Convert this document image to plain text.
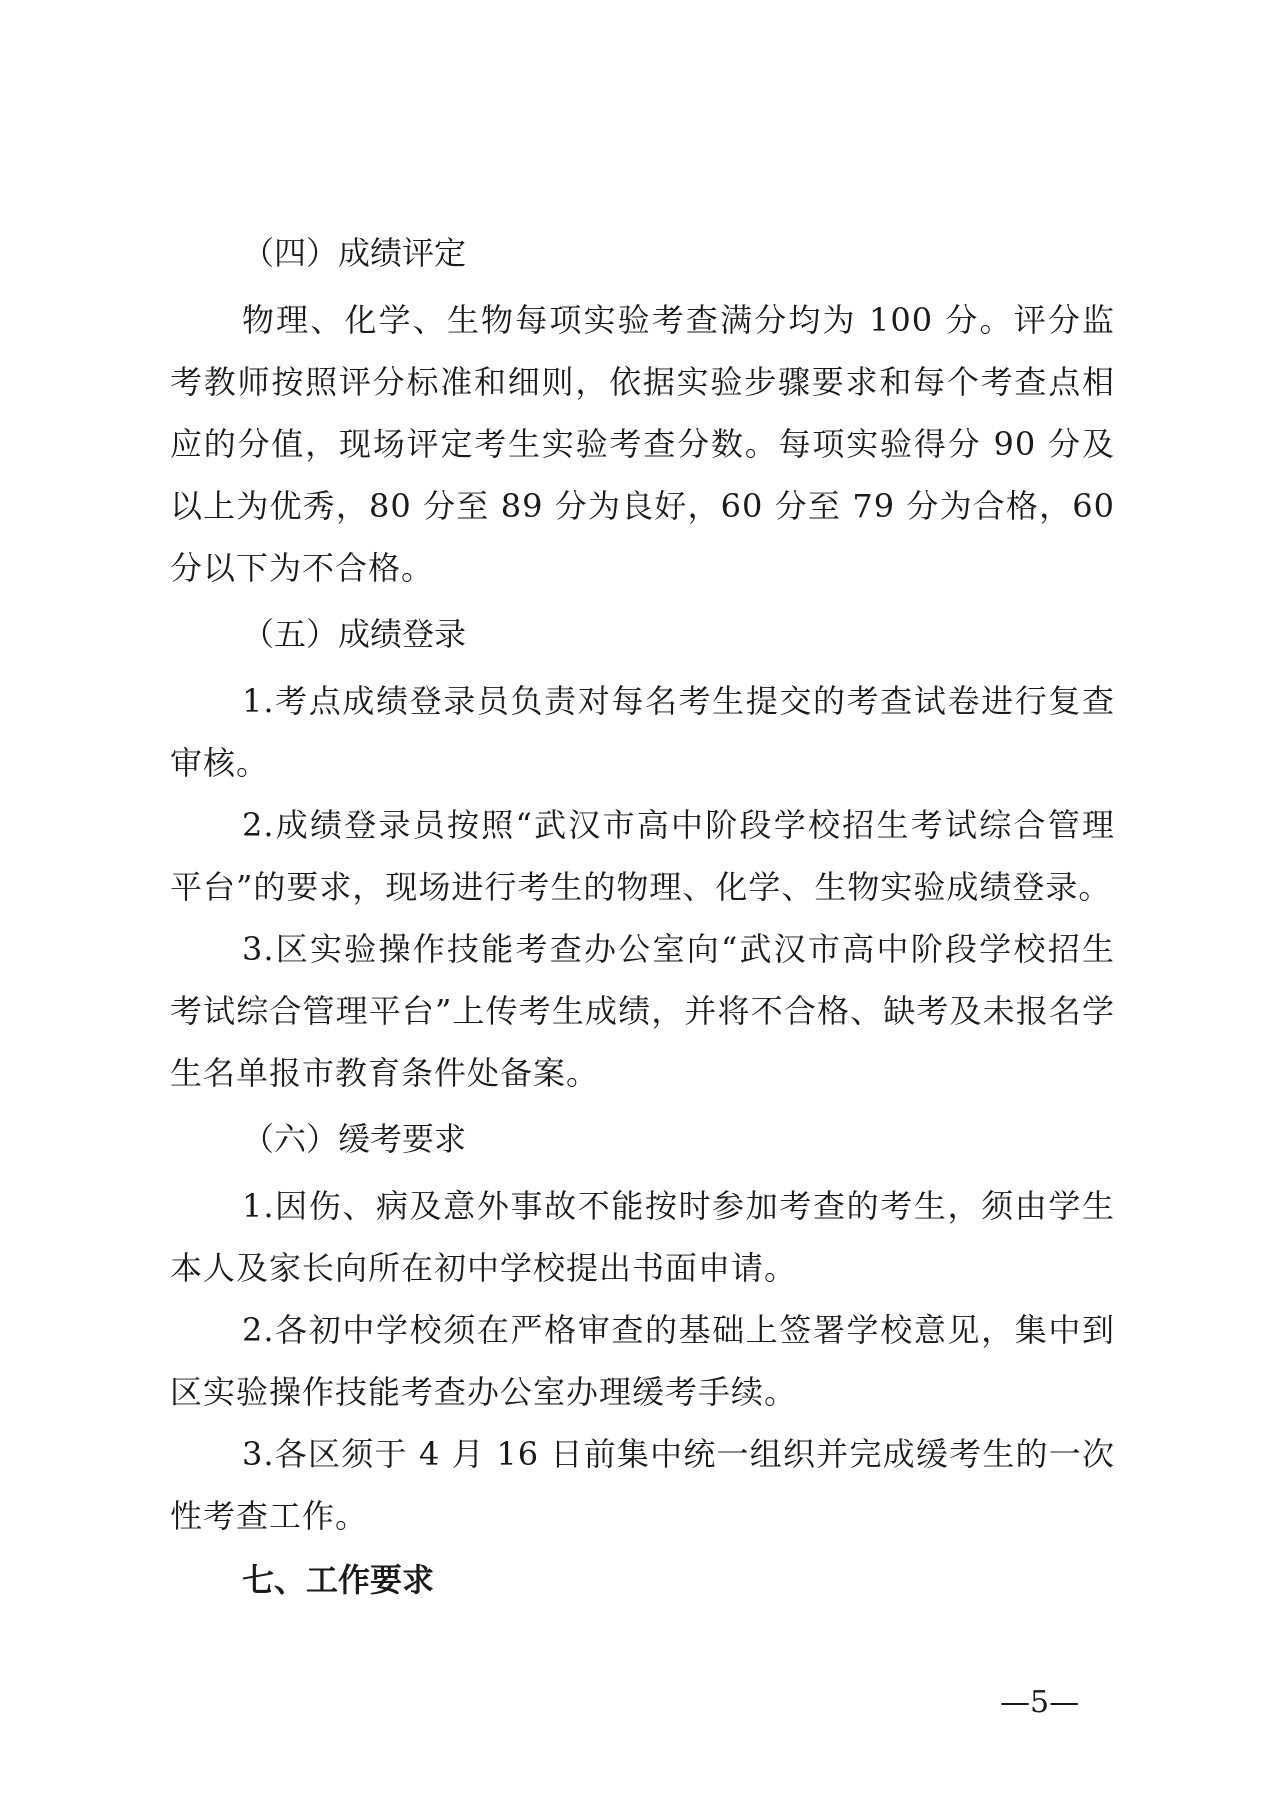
（四）成绩评定

物理、化学、生物每项实验考查满分均为 100 分。评分监考教师按照评分标准和细则，依据实验步骤要求和每个考查点相应的分值，现场评定考生实验考查分数。每项实验得分 90 分及以上为优秀，80 分至 89 分为良好，60 分至 79 分为合格，60 分以下为不合格。

（五）成绩登录

1.考点成绩登录员负责对每名考生提交的考查试卷进行复查审核。

2.成绩登录员按照“武汉市高中阶段学校招生考试综合管理平台”的要求，现场进行考生的物理、化学、生物实验成绩登录。

3.区实验操作技能考查办公室向“武汉市高中阶段学校招生考试综合管理平台”上传考生成绩，并将不合格、缺考及未报名学生名单报市教育条件处备案。

（六）缓考要求

1.因伤、病及意外事故不能按时参加考查的考生，须由学生本人及家长向所在初中学校提出书面申请。

2.各初中学校须在严格审查的基础上签署学校意见，集中到区实验操作技能考查办公室办理缓考手续。

3.各区须于 4 月 16 日前集中统一组织并完成缓考生的一次性考查工作。

七、工作要求
—5—
